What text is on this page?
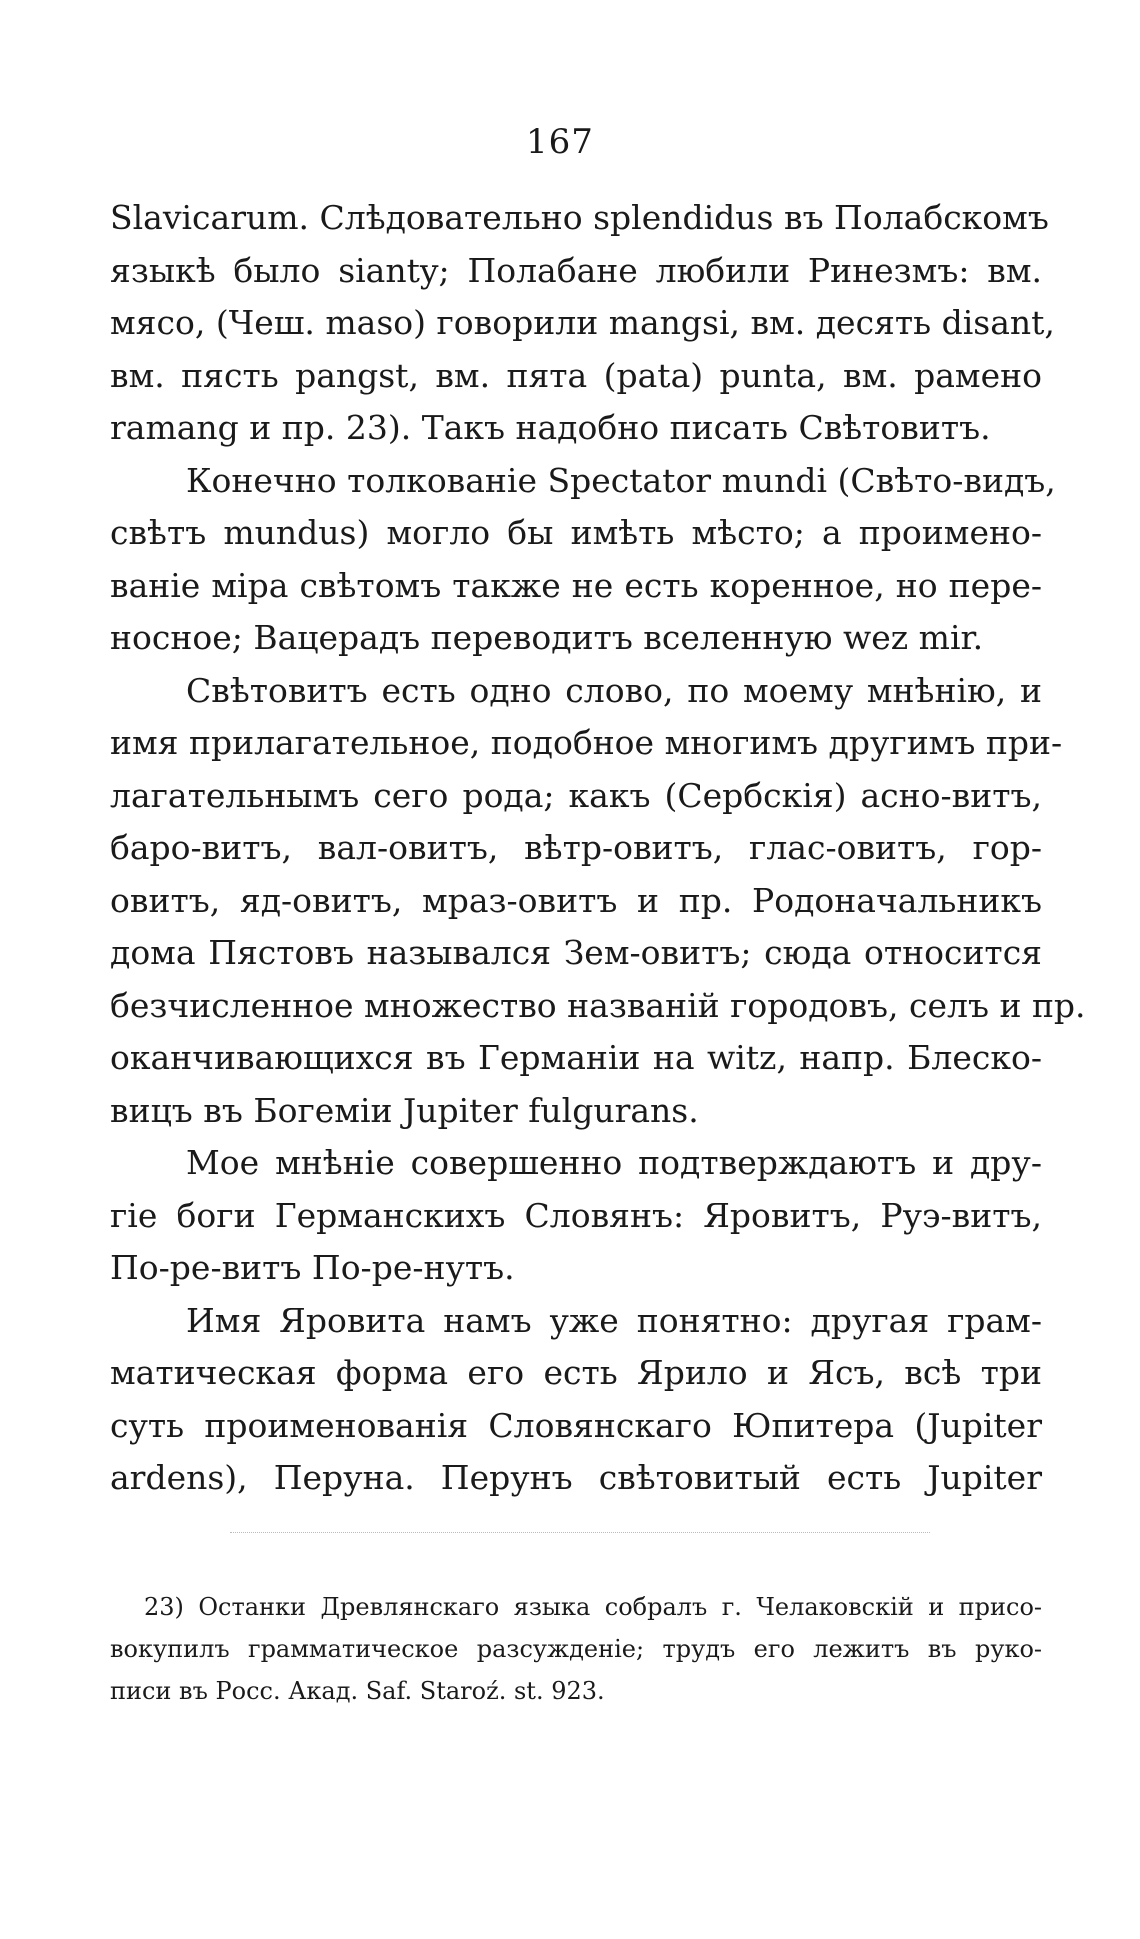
167
Slavicarum. Слѣдовательно splendidus въ Полабскомъ
языкѣ было sianty; Полабане любили Ринезмъ: вм.
мясо, (Чеш. maso) говорили mangsi, вм. десять disant,
вм. пясть pangst, вм. пята (pata) punta, вм. рамено
ramang и пр. 23). Такъ надобно писать Свѣтовитъ.
Конечно толкованіе Spectator mundi (Свѣто-видъ,
свѣтъ mundus) могло бы имѣть мѣсто; а проимено-
ваніе міра свѣтомъ также не есть коренное, но пере-
носное; Вацерадъ переводитъ вселенную wez mir.
Свѣтовитъ есть одно слово, по моему мнѣнію, и
имя прилагательное, подобное многимъ другимъ при-
лагательнымъ сего рода; какъ (Сербскія) асно-витъ,
баро-витъ, вал-овитъ, вѣтр-овитъ, глас-овитъ, гор-
овитъ, яд-овитъ, мраз-овитъ и пр. Родоначальникъ
дома Пястовъ назывался Зем-овитъ; сюда относится
безчисленное множество названій городовъ, селъ и пр.
оканчивающихся въ Германіи на witz, напр. Блеско-
вицъ въ Богеміи Jupiter fulgurans.
Мое мнѣніе совершенно подтверждаютъ и дру-
гіе боги Германскихъ Словянъ: Яровитъ, Руэ-витъ,
По-ре-витъ По-ре-нутъ.
Имя Яровита намъ уже понятно: другая грам-
матическая форма его есть Ярило и Ясъ, всѣ три
суть проименованія Словянскаго Юпитера (Jupiter
ardens), Перуна. Перунъ свѣтовитый есть Jupiter
23) Останки Древлянскаго языка собралъ г. Челаковскій и присо-
вокупилъ грамматическое разсужденіе; трудъ его лежитъ въ руко-
писи въ Росс. Акад. Saf. Staroź. st. 923.
